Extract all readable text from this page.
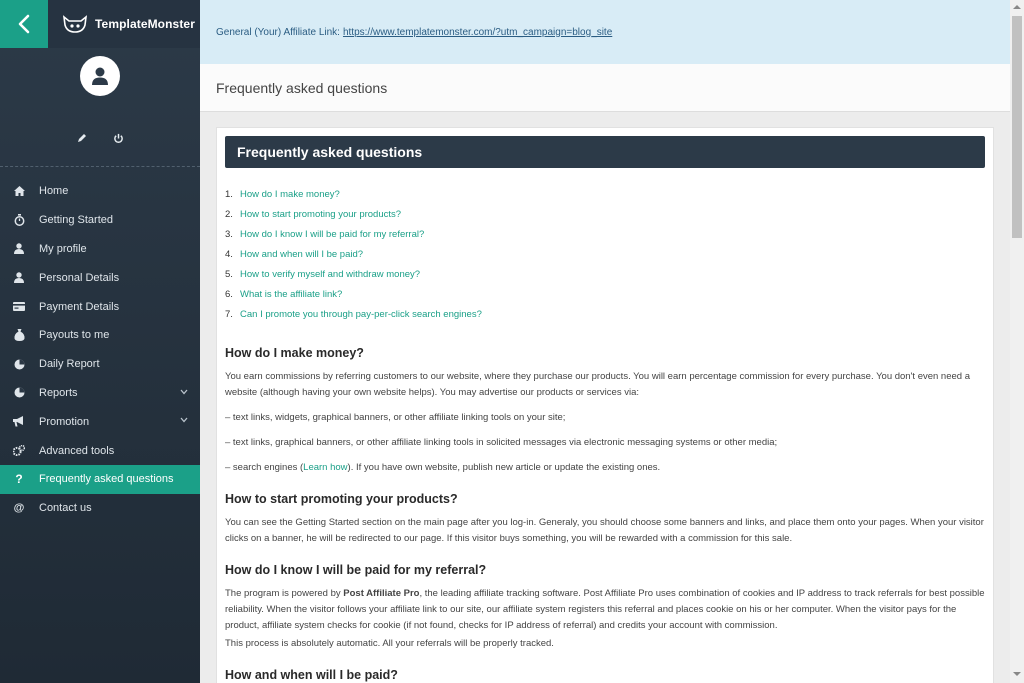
TemplateMonster
Home
Getting Started
My profile
Personal Details
Payment Details
Payouts to me
Daily Report
Reports
Promotion
Advanced tools
? Frequently asked questions
@ Contact us
General (Your) Affiliate Link: https://www.templatemonster.com/?utm_campaign=blog_site
Frequently asked questions
Frequently asked questions
1. How do I make money?
2. How to start promoting your products?
3. How do I know I will be paid for my referral?
4. How and when will I be paid?
5. How to verify myself and withdraw money?
6. What is the affiliate link?
7. Can I promote you through pay-per-click search engines?
How do I make money?

You earn commissions by referring customers to our website, where they purchase our products. You will earn percentage commission for every purchase. You don't even need a website (although having your own website helps). You may advertise our products or services via:

– text links, widgets, graphical banners, or other affiliate linking tools on your site;

– text links, graphical banners, or other affiliate linking tools in solicited messages via electronic messaging systems or other media;

– search engines (Learn how). If you have own website, publish new article or update the existing ones.

How to start promoting your products?

You can see the Getting Started section on the main page after you log-in. Generaly, you should choose some banners and links, and place them onto your pages. When your visitor clicks on a banner, he will be redirected to our page. If this visitor buys something, you will be rewarded with a commission for this sale.

How do I know I will be paid for my referral?

The program is powered by Post Affiliate Pro, the leading affiliate tracking software. Post Affiliate Pro uses combination of cookies and IP address to track referrals for best possible reliability. When the visitor follows your affiliate link to our site, our affiliate system registers this referral and places cookie on his or her computer. When the visitor pays for the product, affiliate system checks for cookie (if not found, checks for IP address of referral) and credits your account with commission.

This process is absolutely automatic. All your referrals will be properly tracked.

How and when will I be paid?
